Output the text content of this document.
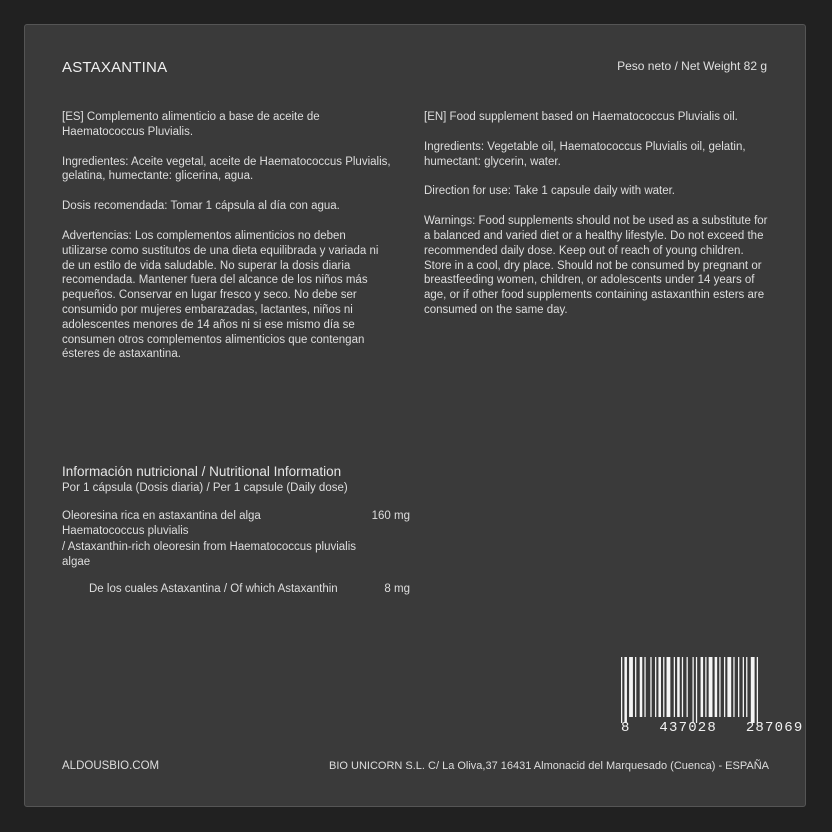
ASTAXANTINA	Peso neto / Net Weight 82 g

[ES] Complemento alimenticio a base de aceite de Haematococcus Pluvialis.

Ingredientes: Aceite vegetal, aceite de Haematococcus Pluvialis, gelatina, humectante: glicerina, agua.

Dosis recomendada: Tomar 1 cápsula al día con agua.

Advertencias: Los complementos alimenticios no deben utilizarse como sustitutos de una dieta equilibrada y variada ni de un estilo de vida saludable. No superar la dosis diaria recomendada. Mantener fuera del alcance de los niños más pequeños. Conservar en lugar fresco y seco. No debe ser consumido por mujeres embarazadas, lactantes, niños ni adolescentes menores de 14 años ni si ese mismo día se consumen otros complementos alimenticios que contengan ésteres de astaxantina.

[EN] Food supplement based on Haematococcus Pluvialis oil.

Ingredients: Vegetable oil, Haematococcus Pluvialis oil, gelatin, humectant: glycerin, water.

Direction for use: Take 1 capsule daily with water.

Warnings: Food supplements should not be used as a substitute for a balanced and varied diet or a healthy lifestyle. Do not exceed the recommended daily dose. Keep out of reach of young children. Store in a cool, dry place. Should not be consumed by pregnant or breastfeeding women, children, or adolescents under 14 years of age, or if other food supplements containing astaxanthin esters are consumed on the same day.

Información nutricional / Nutritional Information
Por 1 cápsula (Dosis diaria) / Per 1 capsule (Daily dose)
Oleoresina rica en astaxantina del alga Haematococcus pluvialis
/ Astaxanthin-rich oleoresin from Haematococcus pluvialis algae
160 mg
De los cuales Astaxantina / Of which Astaxanthin	8 mg
8   437028   287069
ALDOUSBIO.COM	BIO UNICORN S.L. C/ La Oliva,37 16431 Almonacid del Marquesado (Cuenca) - ESPAÑA
